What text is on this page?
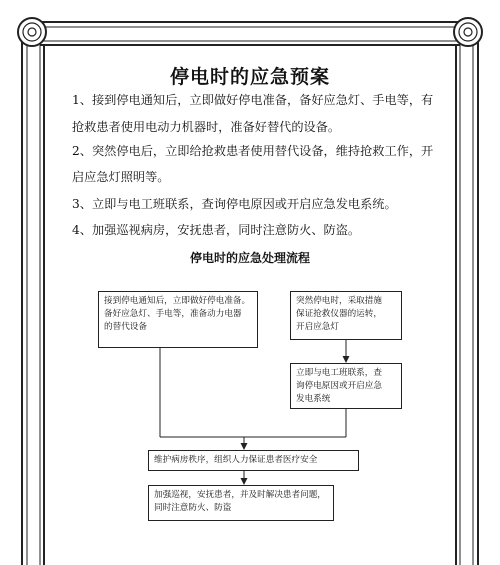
停电时的应急预案
1、接到停电通知后，立即做好停电准备，备好应急灯、手电等，有
抢救患者使用电动力机器时，准备好替代的设备。
2、突然停电后，立即给抢救患者使用替代设备，维持抢救工作，开
启应急灯照明等。
3、立即与电工班联系，查询停电原因或开启应急发电系统。
4、加强巡视病房，安抚患者，同时注意防火、防盗。
停电时的应急处理流程
接到停电通知后，立即做好停电准备。
备好应急灯、手电等，准备动力电器
的替代设备
突然停电时，采取措施
保证抢救仪器的运转，
开启应急灯
立即与电工班联系，查
询停电原因或开启应急
发电系统
维护病房秩序，组织人力保证患者医疗安全
加强巡视，安抚患者，并及时解决患者问题，
同时注意防火、防盗
